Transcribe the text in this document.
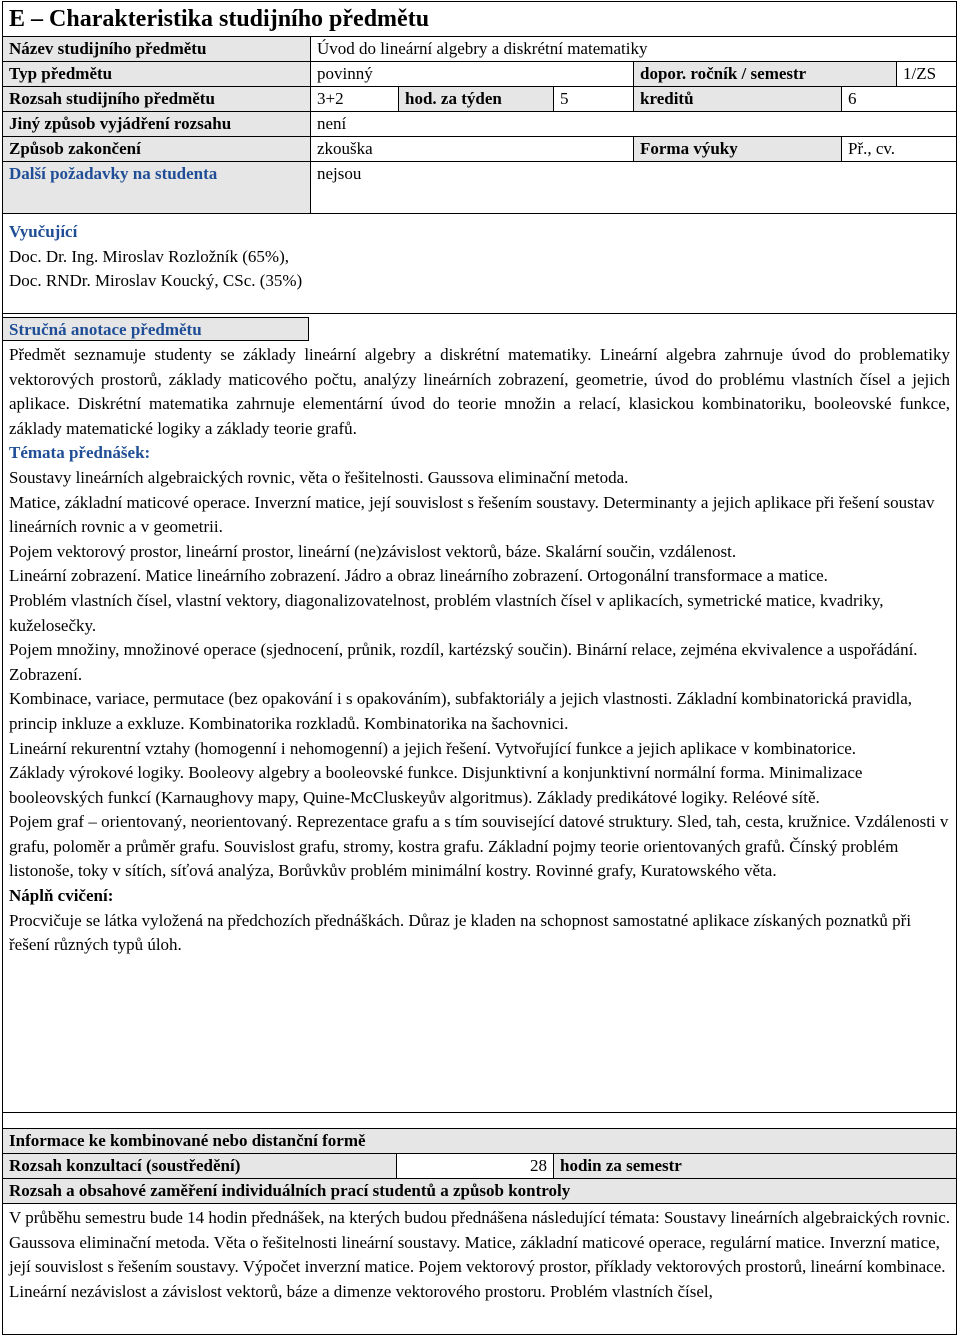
E – Charakteristika studijního předmětu
Název studijního předmětu	Úvod do lineární algebry a diskrétní matematiky
Typ předmětu	povinný	dopor. ročník / semestr	1/ZS
Rozsah studijního předmětu	3+2	hod. za týden	5	kreditů	6
Jiný způsob vyjádření rozsahu	není
Způsob zakončení	zkouška	Forma výuky	Př., cv.
Další požadavky na studenta	nejsou
Vyučující
Doc. Dr. Ing. Miroslav Rozložník (65%),
Doc. RNDr. Miroslav Koucký, CSc. (35%)
Stručná anotace předmětu

Předmět seznamuje studenty se základy lineární algebry a diskrétní matematiky. Lineární algebra zahrnuje úvod do problematiky vektorových prostorů, základy maticového počtu, analýzy lineárních zobrazení, geometrie, úvod do problému vlastních čísel a jejich aplikace. Diskrétní matematika zahrnuje elementární úvod do teorie množin a relací, klasickou kombinatoriku, booleovské funkce, základy matematické logiky a základy teorie grafů.

Témata přednášek:

Soustavy lineárních algebraických rovnic, věta o řešitelnosti. Gaussova eliminační metoda.

Matice, základní maticové operace. Inverzní matice, její souvislost s řešením soustavy. Determinanty a jejich aplikace při řešení soustav lineárních rovnic a v geometrii.

Pojem vektorový prostor, lineární prostor, lineární (ne)závislost vektorů, báze. Skalární součin, vzdálenost.

Lineární zobrazení. Matice lineárního zobrazení. Jádro a obraz lineárního zobrazení. Ortogonální transformace a matice.

Problém vlastních čísel, vlastní vektory, diagonalizovatelnost, problém vlastních čísel v aplikacích, symetrické matice, kvadriky, kuželosečky.

Pojem množiny, množinové operace (sjednocení, průnik, rozdíl, kartézský součin). Binární relace, zejména ekvivalence a uspořádání. Zobrazení.

Kombinace, variace, permutace (bez opakování i s opakováním), subfaktoriály a jejich vlastnosti. Základní kombinatorická pravidla, princip inkluze a exkluze. Kombinatorika rozkladů. Kombinatorika na šachovnici.

Lineární rekurentní vztahy (homogenní i nehomogenní) a jejich řešení. Vytvořující funkce a jejich aplikace v kombinatorice.

Základy výrokové logiky. Booleovy algebry a booleovské funkce. Disjunktivní a konjunktivní normální forma. Minimalizace booleovských funkcí (Karnaughovy mapy, Quine-McCluskeyův algoritmus). Základy predikátové logiky. Reléové sítě.

Pojem graf – orientovaný, neorientovaný. Reprezentace grafu a s tím související datové struktury. Sled, tah, cesta, kružnice. Vzdálenosti v grafu, poloměr a průměr grafu. Souvislost grafu, stromy, kostra grafu. Základní pojmy teorie orientovaných grafů. Čínský problém listonoše, toky v sítích, síťová analýza, Borůvkův problém minimální kostry. Rovinné grafy, Kuratowského věta.

Náplň cvičení:

Procvičuje se látka vyložená na předchozích přednáškách. Důraz je kladen na schopnost samostatné aplikace získaných poznatků při řešení různých typů úloh.

Informace ke kombinované nebo distanční formě
Rozsah konzultací (soustředění)	28 hodin za semestr
Rozsah a obsahové zaměření individuálních prací studentů a způsob kontroly

V průběhu semestru bude 14 hodin přednášek, na kterých budou přednášena následující témata: Soustavy lineárních algebraických rovnic. Gaussova eliminační metoda. Věta o řešitelnosti lineární soustavy. Matice, základní maticové operace, regulární matice. Inverzní matice, její souvislost s řešením soustavy. Výpočet inverzní matice. Pojem vektorový prostor, příklady vektorových prostorů, lineární kombinace. Lineární nezávislost a závislost vektorů, báze a dimenze vektorového prostoru. Problém vlastních čísel,
